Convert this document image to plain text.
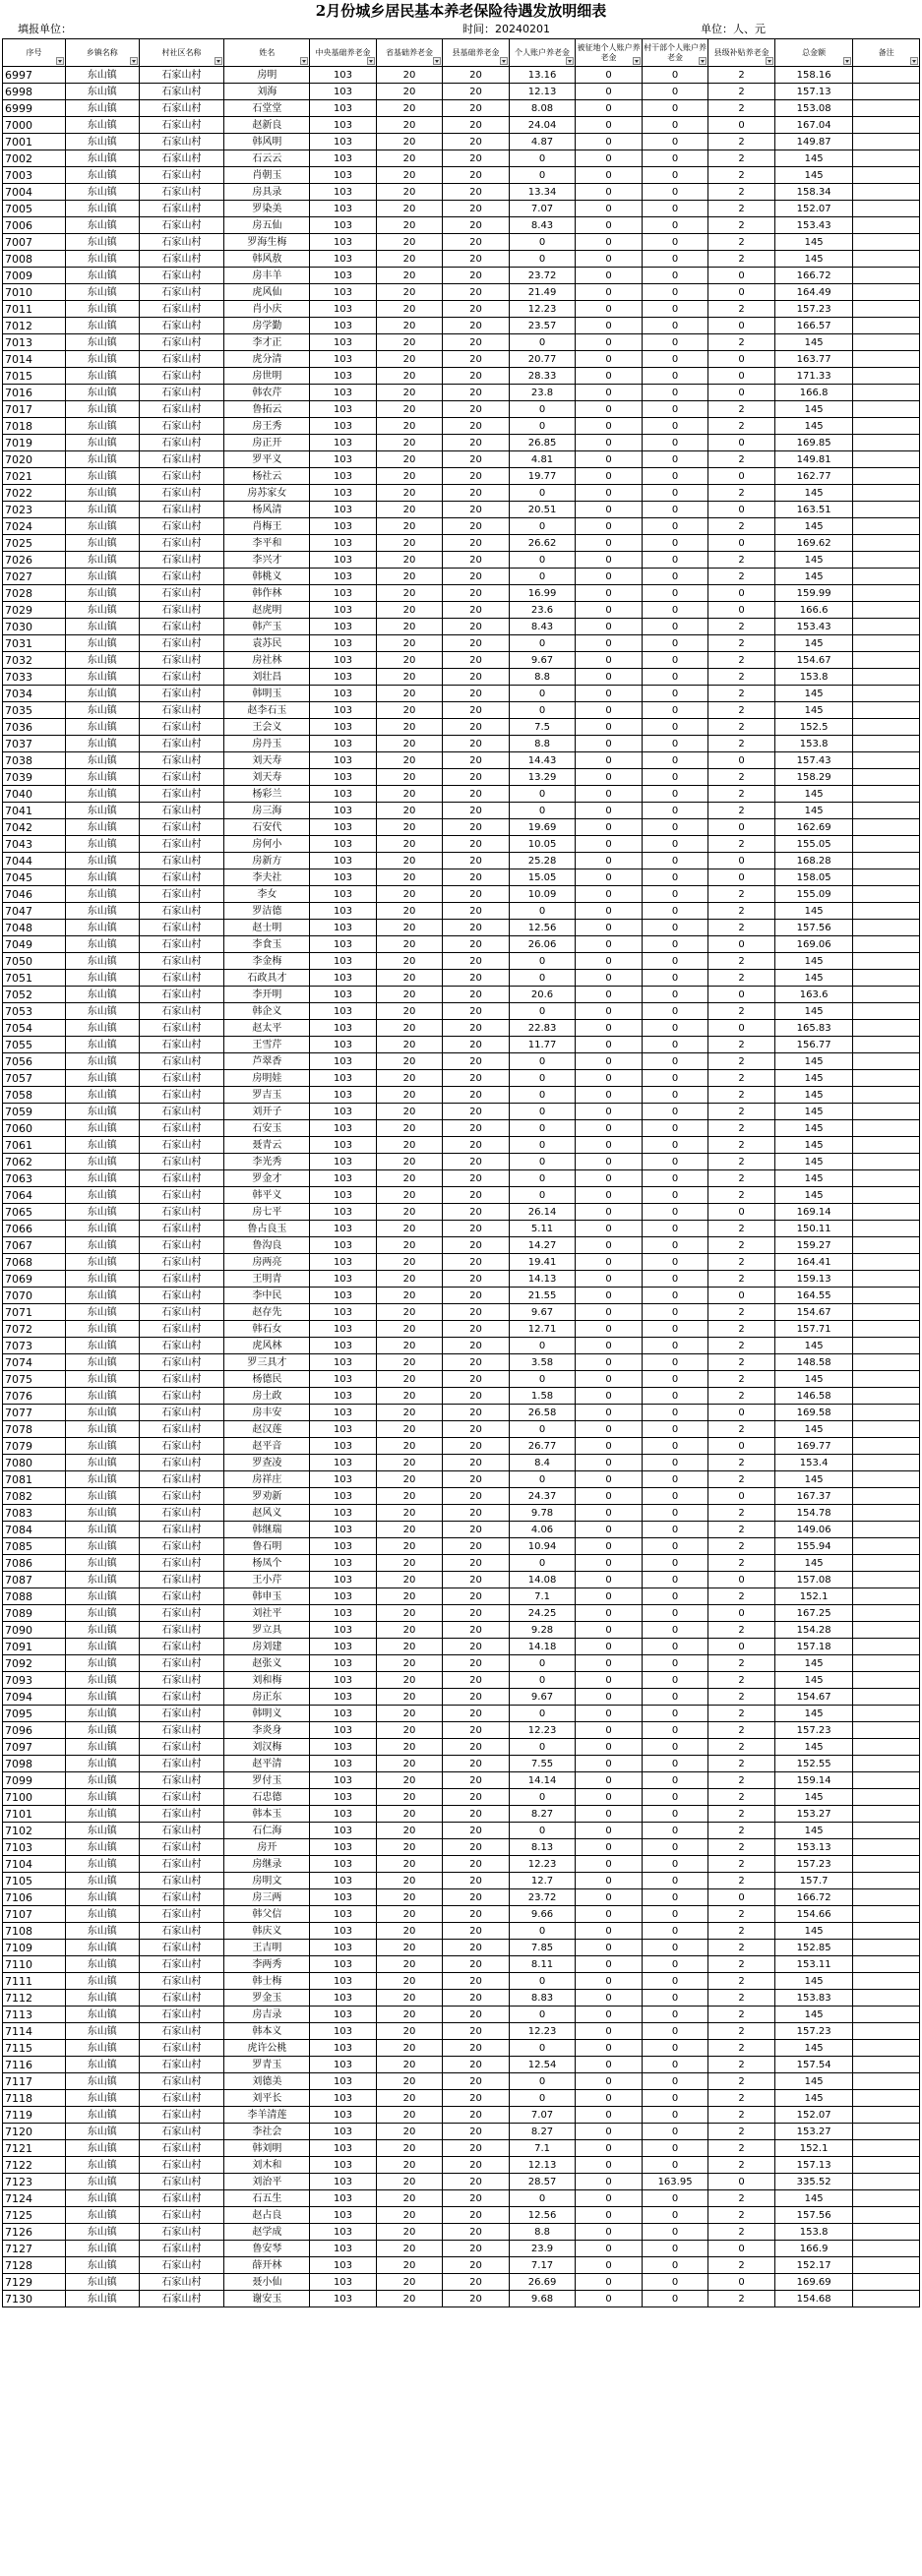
2月份城乡居民基本养老保险待遇发放明细表
填报单位：	时间：20240201	单位：人、元
序号	乡镇名称	村社区名称	姓名	中央基础养老金	省基础养老金	县基础养老金	个人账户养老金	被征地个人账户养老金	村干部个人账户养老金	县级补贴养老金	总金额	备注

6997	东山镇	石家山村	房明	103	20	20	13.16	0	0	2	158.16	
6998	东山镇	石家山村	刘海	103	20	20	12.13	0	0	2	157.13	
6999	东山镇	石家山村	石堂堂	103	20	20	8.08	0	0	2	153.08	
7000	东山镇	石家山村	赵新良	103	20	20	24.04	0	0	0	167.04	
7001	东山镇	石家山村	韩风明	103	20	20	4.87	0	0	2	149.87	
7002	东山镇	石家山村	石云云	103	20	20	0	0	0	2	145	
7003	东山镇	石家山村	肖朝玉	103	20	20	0	0	0	2	145	
7004	东山镇	石家山村	房具录	103	20	20	13.34	0	0	2	158.34	
7005	东山镇	石家山村	罗染美	103	20	20	7.07	0	0	2	152.07	
7006	东山镇	石家山村	房五仙	103	20	20	8.43	0	0	2	153.43	
7007	东山镇	石家山村	罗海生梅	103	20	20	0	0	0	2	145	
7008	东山镇	石家山村	韩风敖	103	20	20	0	0	0	2	145	
7009	东山镇	石家山村	房丰羊	103	20	20	23.72	0	0	0	166.72	
7010	东山镇	石家山村	虎风仙	103	20	20	21.49	0	0	0	164.49	
7011	东山镇	石家山村	肖小庆	103	20	20	12.23	0	0	2	157.23	
7012	东山镇	石家山村	房学勤	103	20	20	23.57	0	0	0	166.57	
7013	东山镇	石家山村	李才正	103	20	20	0	0	0	2	145	
7014	东山镇	石家山村	虎分清	103	20	20	20.77	0	0	0	163.77	
7015	东山镇	石家山村	房世明	103	20	20	28.33	0	0	0	171.33	
7016	东山镇	石家山村	韩农芹	103	20	20	23.8	0	0	0	166.8	
7017	东山镇	石家山村	鲁拓云	103	20	20	0	0	0	2	145	
7018	东山镇	石家山村	房王秀	103	20	20	0	0	0	2	145	
7019	东山镇	石家山村	房正开	103	20	20	26.85	0	0	0	169.85	
7020	东山镇	石家山村	罗平义	103	20	20	4.81	0	0	2	149.81	
7021	东山镇	石家山村	杨社云	103	20	20	19.77	0	0	0	162.77	
7022	东山镇	石家山村	房苏家女	103	20	20	0	0	0	2	145	
7023	东山镇	石家山村	杨风清	103	20	20	20.51	0	0	0	163.51	
7024	东山镇	石家山村	肖梅王	103	20	20	0	0	0	2	145	
7025	东山镇	石家山村	李平和	103	20	20	26.62	0	0	0	169.62	
7026	东山镇	石家山村	李兴才	103	20	20	0	0	0	2	145	
7027	东山镇	石家山村	韩桃义	103	20	20	0	0	0	2	145	
7028	东山镇	石家山村	韩作林	103	20	20	16.99	0	0	0	159.99	
7029	东山镇	石家山村	赵虎明	103	20	20	23.6	0	0	0	166.6	
7030	东山镇	石家山村	韩产玉	103	20	20	8.43	0	0	2	153.43	
7031	东山镇	石家山村	袁苏民	103	20	20	0	0	0	2	145	
7032	东山镇	石家山村	房社林	103	20	20	9.67	0	0	2	154.67	
7033	东山镇	石家山村	刘壮昌	103	20	20	8.8	0	0	2	153.8	
7034	东山镇	石家山村	韩明玉	103	20	20	0	0	0	2	145	
7035	东山镇	石家山村	赵李石玉	103	20	20	0	0	0	2	145	
7036	东山镇	石家山村	王会义	103	20	20	7.5	0	0	2	152.5	
7037	东山镇	石家山村	房丹玉	103	20	20	8.8	0	0	2	153.8	
7038	东山镇	石家山村	刘天寿	103	20	20	14.43	0	0	0	157.43	
7039	东山镇	石家山村	刘天寿	103	20	20	13.29	0	0	2	158.29	
7040	东山镇	石家山村	杨彩兰	103	20	20	0	0	0	2	145	
7041	东山镇	石家山村	房三海	103	20	20	0	0	0	2	145	
7042	东山镇	石家山村	石安代	103	20	20	19.69	0	0	0	162.69	
7043	东山镇	石家山村	房何小	103	20	20	10.05	0	0	2	155.05	
7044	东山镇	石家山村	房新方	103	20	20	25.28	0	0	0	168.28	
7045	东山镇	石家山村	李夫社	103	20	20	15.05	0	0	0	158.05	
7046	东山镇	石家山村	李女	103	20	20	10.09	0	0	2	155.09	
7047	东山镇	石家山村	罗洁德	103	20	20	0	0	0	2	145	
7048	东山镇	石家山村	赵士明	103	20	20	12.56	0	0	2	157.56	
7049	东山镇	石家山村	李食玉	103	20	20	26.06	0	0	0	169.06	
7050	东山镇	石家山村	李金梅	103	20	20	0	0	0	2	145	
7051	东山镇	石家山村	石政具才	103	20	20	0	0	0	2	145	
7052	东山镇	石家山村	李开明	103	20	20	20.6	0	0	0	163.6	
7053	东山镇	石家山村	韩企义	103	20	20	0	0	0	2	145	
7054	东山镇	石家山村	赵太平	103	20	20	22.83	0	0	0	165.83	
7055	东山镇	石家山村	王雪芹	103	20	20	11.77	0	0	2	156.77	
7056	东山镇	石家山村	芦翠香	103	20	20	0	0	0	2	145	
7057	东山镇	石家山村	房明娃	103	20	20	0	0	0	2	145	
7058	东山镇	石家山村	罗吉玉	103	20	20	0	0	0	2	145	
7059	东山镇	石家山村	刘开子	103	20	20	0	0	0	2	145	
7060	东山镇	石家山村	石安玉	103	20	20	0	0	0	2	145	
7061	东山镇	石家山村	聂青云	103	20	20	0	0	0	2	145	
7062	东山镇	石家山村	李光秀	103	20	20	0	0	0	2	145	
7063	东山镇	石家山村	罗金才	103	20	20	0	0	0	2	145	
7064	东山镇	石家山村	韩平义	103	20	20	0	0	0	2	145	
7065	东山镇	石家山村	房七平	103	20	20	26.14	0	0	0	169.14	
7066	东山镇	石家山村	鲁占良玉	103	20	20	5.11	0	0	2	150.11	
7067	东山镇	石家山村	鲁沟良	103	20	20	14.27	0	0	2	159.27	
7068	东山镇	石家山村	房两亮	103	20	20	19.41	0	0	2	164.41	
7069	东山镇	石家山村	王明青	103	20	20	14.13	0	0	2	159.13	
7070	东山镇	石家山村	李中民	103	20	20	21.55	0	0	0	164.55	
7071	东山镇	石家山村	赵存先	103	20	20	9.67	0	0	2	154.67	
7072	东山镇	石家山村	韩石女	103	20	20	12.71	0	0	2	157.71	
7073	东山镇	石家山村	虎风林	103	20	20	0	0	0	2	145	
7074	东山镇	石家山村	罗三具才	103	20	20	3.58	0	0	2	148.58	
7075	东山镇	石家山村	杨德民	103	20	20	0	0	0	2	145	
7076	东山镇	石家山村	房土政	103	20	20	1.58	0	0	2	146.58	
7077	东山镇	石家山村	房丰安	103	20	20	26.58	0	0	0	169.58	
7078	东山镇	石家山村	赵汉莲	103	20	20	0	0	0	2	145	
7079	东山镇	石家山村	赵平音	103	20	20	26.77	0	0	0	169.77	
7080	东山镇	石家山村	罗查凌	103	20	20	8.4	0	0	2	153.4	
7081	东山镇	石家山村	房祥庄	103	20	20	0	0	0	2	145	
7082	东山镇	石家山村	罗劝新	103	20	20	24.37	0	0	0	167.37	
7083	东山镇	石家山村	赵风义	103	20	20	9.78	0	0	2	154.78	
7084	东山镇	石家山村	韩继瑞	103	20	20	4.06	0	0	2	149.06	
7085	东山镇	石家山村	鲁石明	103	20	20	10.94	0	0	2	155.94	
7086	东山镇	石家山村	杨凤个	103	20	20	0	0	0	2	145	
7087	东山镇	石家山村	王小芹	103	20	20	14.08	0	0	0	157.08	
7088	东山镇	石家山村	韩申玉	103	20	20	7.1	0	0	2	152.1	
7089	东山镇	石家山村	刘社平	103	20	20	24.25	0	0	0	167.25	
7090	东山镇	石家山村	罗立具	103	20	20	9.28	0	0	2	154.28	
7091	东山镇	石家山村	房刘建	103	20	20	14.18	0	0	0	157.18	
7092	东山镇	石家山村	赵张义	103	20	20	0	0	0	2	145	
7093	东山镇	石家山村	刘和梅	103	20	20	0	0	0	2	145	
7094	东山镇	石家山村	房正东	103	20	20	9.67	0	0	2	154.67	
7095	东山镇	石家山村	韩明义	103	20	20	0	0	0	2	145	
7096	东山镇	石家山村	李炎身	103	20	20	12.23	0	0	2	157.23	
7097	东山镇	石家山村	刘汉梅	103	20	20	0	0	0	2	145	
7098	东山镇	石家山村	赵平清	103	20	20	7.55	0	0	2	152.55	
7099	东山镇	石家山村	罗付玉	103	20	20	14.14	0	0	2	159.14	
7100	东山镇	石家山村	石忠德	103	20	20	0	0	0	2	145	
7101	东山镇	石家山村	韩本玉	103	20	20	8.27	0	0	2	153.27	
7102	东山镇	石家山村	石仁海	103	20	20	0	0	0	2	145	
7103	东山镇	石家山村	房开	103	20	20	8.13	0	0	2	153.13	
7104	东山镇	石家山村	房继录	103	20	20	12.23	0	0	2	157.23	
7105	东山镇	石家山村	房明文	103	20	20	12.7	0	0	2	157.7	
7106	东山镇	石家山村	房三两	103	20	20	23.72	0	0	0	166.72	
7107	东山镇	石家山村	韩父信	103	20	20	9.66	0	0	2	154.66	
7108	东山镇	石家山村	韩庆义	103	20	20	0	0	0	2	145	
7109	东山镇	石家山村	王吉明	103	20	20	7.85	0	0	2	152.85	
7110	东山镇	石家山村	李两秀	103	20	20	8.11	0	0	2	153.11	
7111	东山镇	石家山村	韩士梅	103	20	20	0	0	0	2	145	
7112	东山镇	石家山村	罗金玉	103	20	20	8.83	0	0	2	153.83	
7113	东山镇	石家山村	房吉录	103	20	20	0	0	0	2	145	
7114	东山镇	石家山村	韩本义	103	20	20	12.23	0	0	2	157.23	
7115	东山镇	石家山村	虎许公桃	103	20	20	0	0	0	2	145	
7116	东山镇	石家山村	罗青玉	103	20	20	12.54	0	0	2	157.54	
7117	东山镇	石家山村	刘德美	103	20	20	0	0	0	2	145	
7118	东山镇	石家山村	刘平长	103	20	20	0	0	0	2	145	
7119	东山镇	石家山村	李羊清莲	103	20	20	7.07	0	0	2	152.07	
7120	东山镇	石家山村	李社会	103	20	20	8.27	0	0	2	153.27	
7121	东山镇	石家山村	韩刘明	103	20	20	7.1	0	0	2	152.1	
7122	东山镇	石家山村	刘木和	103	20	20	12.13	0	0	2	157.13	
7123	东山镇	石家山村	刘治平	103	20	20	28.57	0	163.95	0	335.52	
7124	东山镇	石家山村	石五生	103	20	20	0	0	0	2	145	
7125	东山镇	石家山村	赵占良	103	20	20	12.56	0	0	2	157.56	
7126	东山镇	石家山村	赵学成	103	20	20	8.8	0	0	2	153.8	
7127	东山镇	石家山村	鲁安琴	103	20	20	23.9	0	0	0	166.9	
7128	东山镇	石家山村	薛开林	103	20	20	7.17	0	0	2	152.17	
7129	东山镇	石家山村	聂小仙	103	20	20	26.69	0	0	0	169.69	
7130	东山镇	石家山村	谢安玉	103	20	20	9.68	0	0	2	154.68	
